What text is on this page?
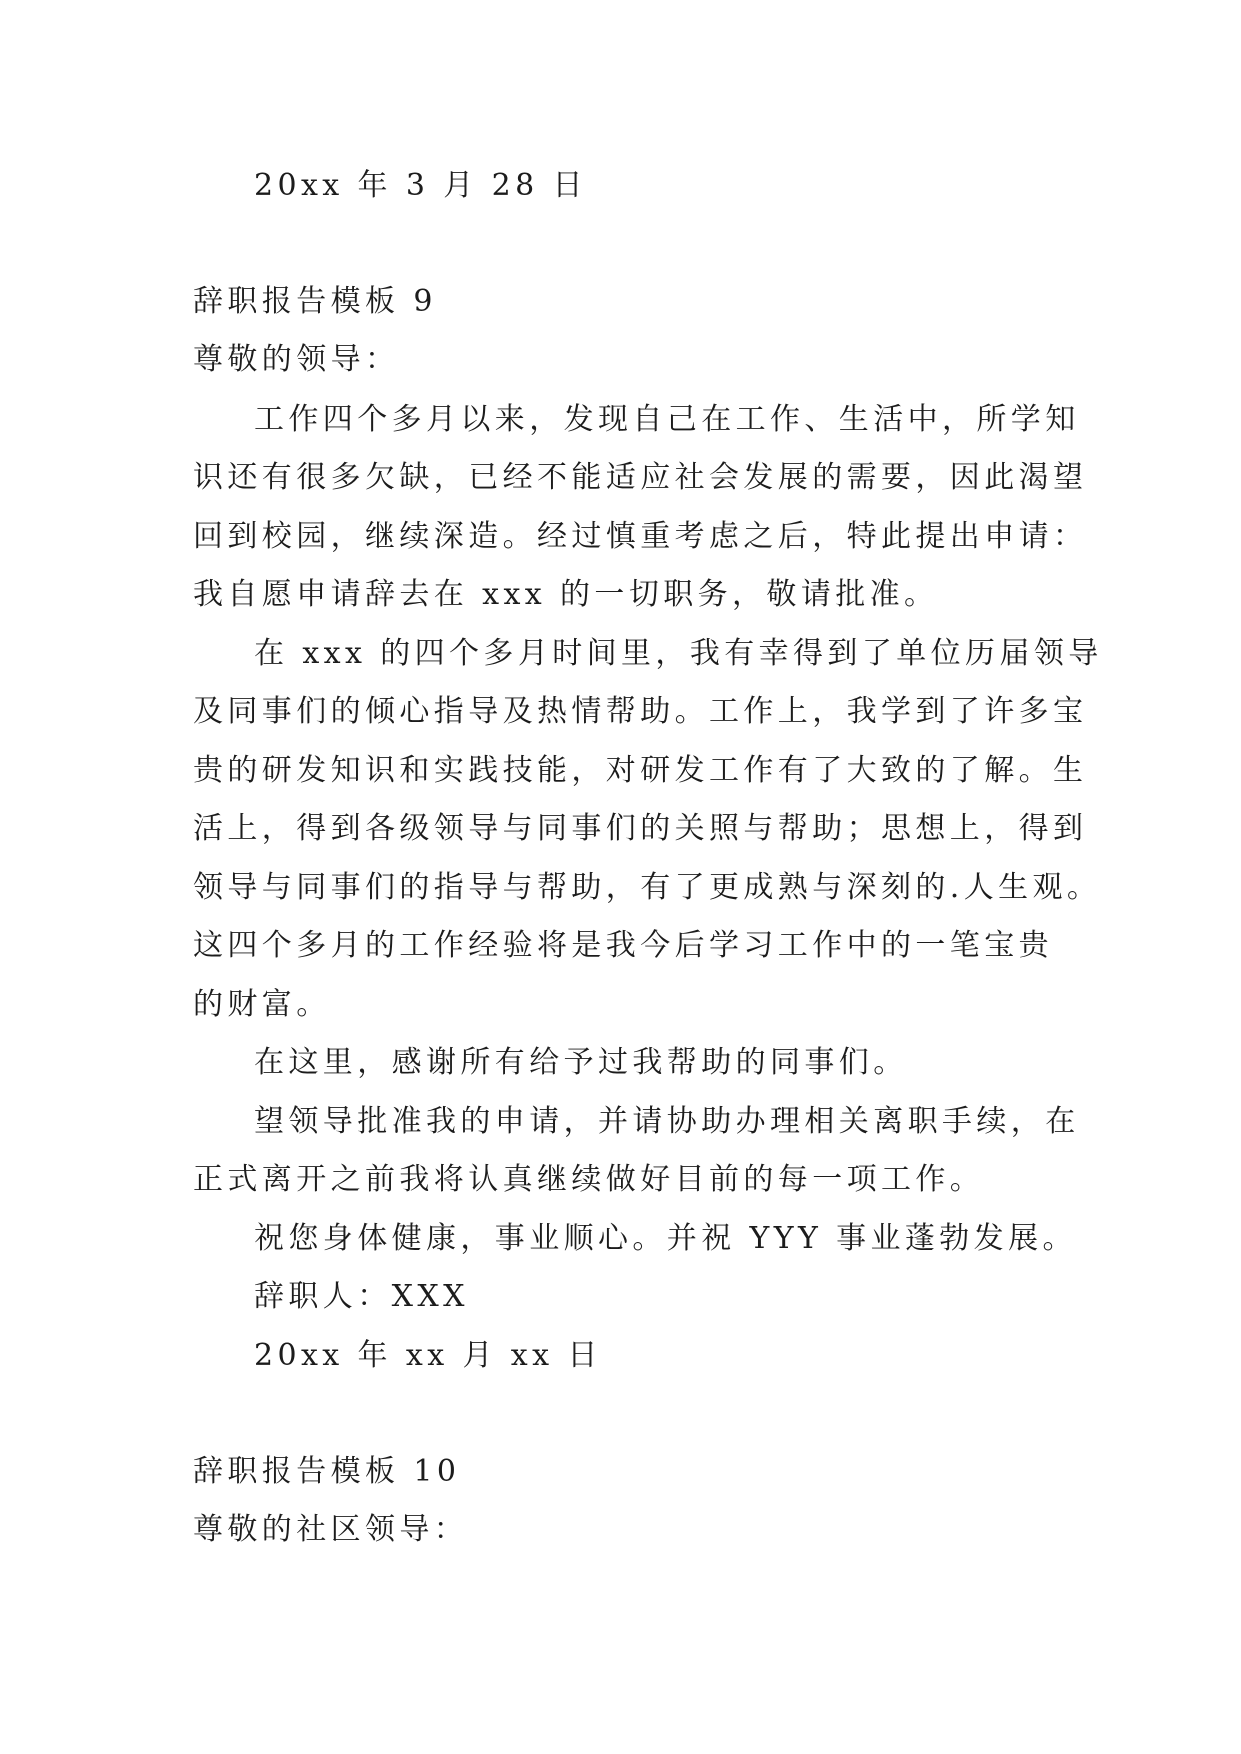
20xx 年 3 月 28 日
辞职报告模板 9
尊敬的领导：
工作四个多月以来，发现自己在工作、生活中，所学知
识还有很多欠缺，已经不能适应社会发展的需要，因此渴望
回到校园，继续深造。经过慎重考虑之后，特此提出申请：
我自愿申请辞去在 xxx 的一切职务，敬请批准。
在 xxx 的四个多月时间里，我有幸得到了单位历届领导
及同事们的倾心指导及热情帮助。工作上，我学到了许多宝
贵的研发知识和实践技能，对研发工作有了大致的了解。生
活上，得到各级领导与同事们的关照与帮助；思想上，得到
领导与同事们的指导与帮助，有了更成熟与深刻的.人生观。
这四个多月的工作经验将是我今后学习工作中的一笔宝贵
的财富。
在这里，感谢所有给予过我帮助的同事们。
望领导批准我的申请，并请协助办理相关离职手续，在
正式离开之前我将认真继续做好目前的每一项工作。
祝您身体健康，事业顺心。并祝 YYY 事业蓬勃发展。
辞职人：XXX
20xx 年 xx 月 xx 日
辞职报告模板 10
尊敬的社区领导：
